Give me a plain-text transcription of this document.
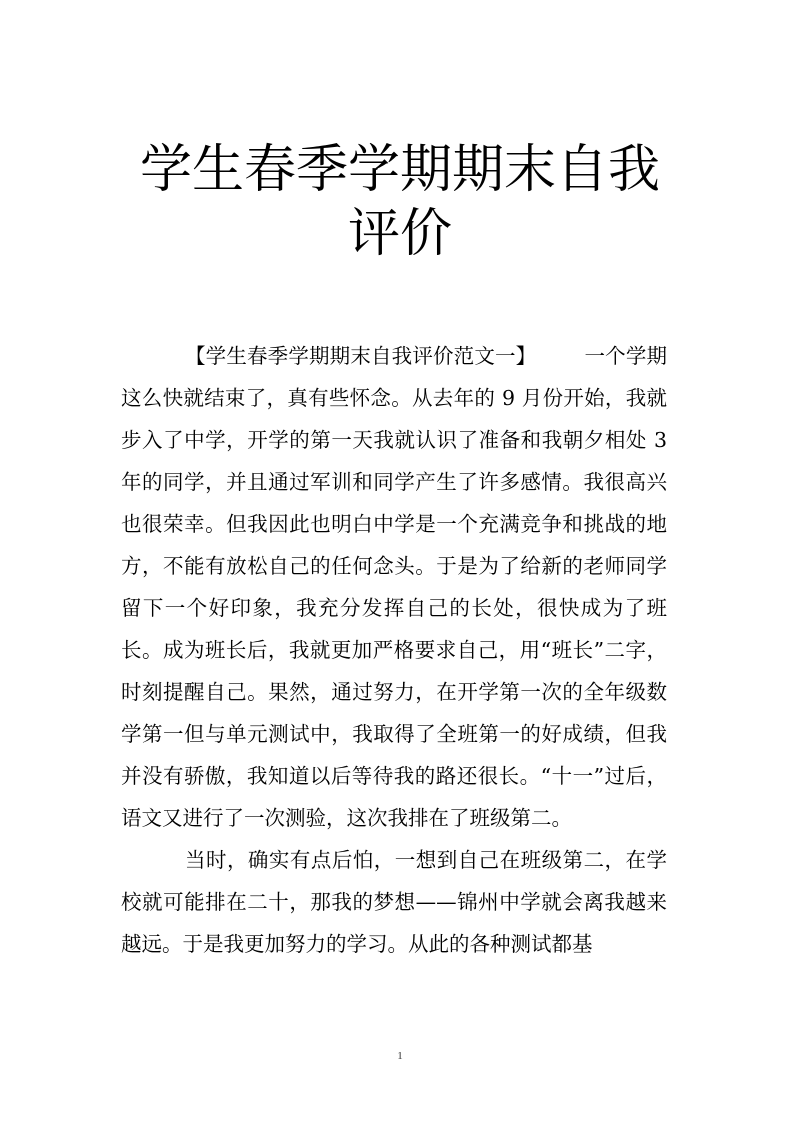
学生春季学期期末自我评价

【学生春季学期期末自我评价范文一】 一个学期这么快就结束了，真有些怀念。从去年的 9 月份开始，我就步入了中学，开学的第一天我就认识了准备和我朝夕相处 3 年的同学，并且通过军训和同学产生了许多感情。我很高兴也很荣幸。但我因此也明白中学是一个充满竞争和挑战的地方，不能有放松自己的任何念头。于是为了给新的老师同学留下一个好印象，我充分发挥自己的长处，很快成为了班长。成为班长后，我就更加严格要求自己，用“班长”二字，时刻提醒自己。果然，通过努力，在开学第一次的全年级数学第一但与单元测试中，我取得了全班第一的好成绩，但我并没有骄傲，我知道以后等待我的路还很长。“十一”过后，语文又进行了一次测验，这次我排在了班级第二。

当时，确实有点后怕，一想到自己在班级第二，在学校就可能排在二十，那我的梦想——锦州中学就会离我越来越远。于是我更加努力的学习。从此的各种测试都基

1
